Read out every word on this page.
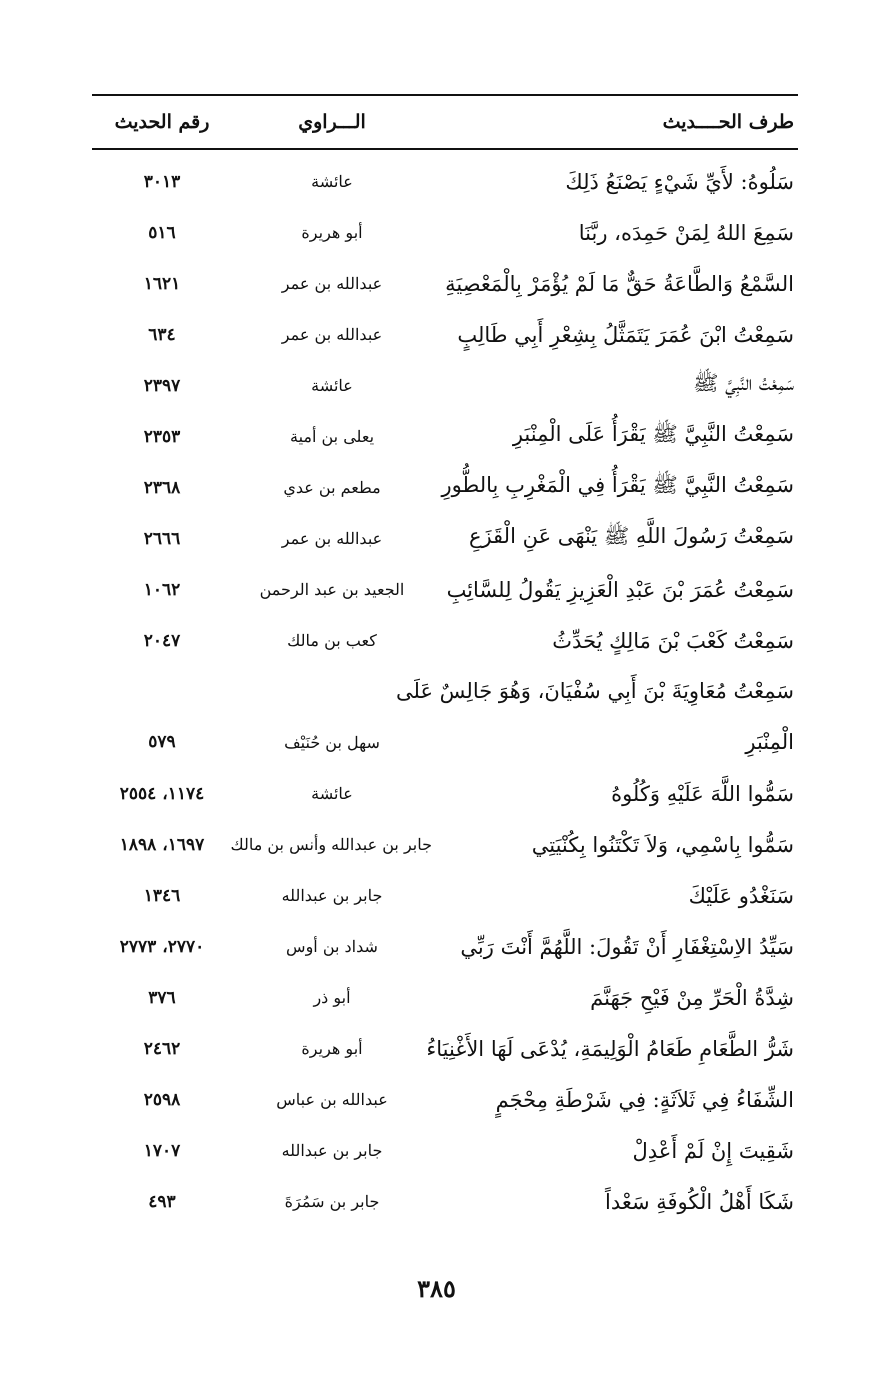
طرف الحــــديث
الـــراوي
رقم الحديث
سَلُوهُ: لأَيِّ شَيْءٍ يَصْنَعُ ذَلِكَ
عائشة
٣٠١٣
سَمِعَ اللهُ لِمَنْ حَمِدَه، ربَّنَا
أبو هريرة
٥١٦
السَّمْعُ وَالطَّاعَةُ حَقٌّ مَا لَمْ يُؤْمَرْ بِالْمَعْصِيَةِ
عبدالله بن عمر
١٦٢١
سَمِعْتُ ابْنَ عُمَرَ يَتَمَثَّلُ بِشِعْرِ أَبِي طَالِبٍ
عبدالله بن عمر
٦٣٤
سَمِعْتُ النَّبِيَّ ﷺ
عائشة
٢٣٩٧
سَمِعْتُ النَّبِيَّ ﷺ يَقْرَأُ عَلَى الْمِنْبَرِ
يعلى بن أمية
٢٣٥٣
سَمِعْتُ النَّبِيَّ ﷺ يَقْرَأُ فِي الْمَغْرِبِ بِالطُّورِ
مطعم بن عدي
٢٣٦٨
سَمِعْتُ رَسُولَ اللَّهِ ﷺ يَنْهَى عَنِ الْقَزَعِ
عبدالله بن عمر
٢٦٦٦
سَمِعْتُ عُمَرَ بْنَ عَبْدِ الْعَزِيزِ يَقُولُ لِلسَّائِبِ
الجعيد بن عبد الرحمن
١٠٦٢
سَمِعْتُ كَعْبَ بْنَ مَالِكٍ يُحَدِّثُ
كعب بن مالك
٢٠٤٧
سَمِعْتُ مُعَاوِيَةَ بْنَ أَبِي سُفْيَانَ، وَهُوَ جَالِسٌ عَلَى
الْمِنْبَرِ
سهل بن حُنَيْف
٥٧٩
سَمُّوا اللَّهَ عَلَيْهِ وَكُلُوهُ
عائشة
١١٧٤، ٢٥٥٤
سَمُّوا بِاسْمِي، وَلاَ تَكْتَنُوا بِكُنْيَتِي
جابر بن عبدالله وأنس بن مالك
١٦٩٧، ١٨٩٨
سَنَغْدُو عَلَيْكَ
جابر بن عبدالله
١٣٤٦
سَيِّدُ الاِسْتِغْفَارِ أَنْ تَقُولَ: اللَّهُمَّ أَنْتَ رَبِّي
شداد بن أوس
٢٧٧٠، ٢٧٧٣
شِدَّةُ الْحَرِّ مِنْ فَيْحِ جَهَنَّمَ
أبو ذر
٣٧٦
شَرُّ الطَّعَامِ طَعَامُ الْوَلِيمَةِ، يُدْعَى لَهَا الأَغْنِيَاءُ
أبو هريرة
٢٤٦٢
الشِّفَاءُ فِي ثَلاَثَةٍ: فِي شَرْطَةِ مِحْجَمٍ
عبدالله بن عباس
٢٥٩٨
شَقِيتَ إِنْ لَمْ أَعْدِلْ
جابر بن عبدالله
١٧٠٧
شَكَا أَهْلُ الْكُوفَةِ سَعْداً
جابر بن سَمُرَةَ
٤٩٣
٣٨٥
